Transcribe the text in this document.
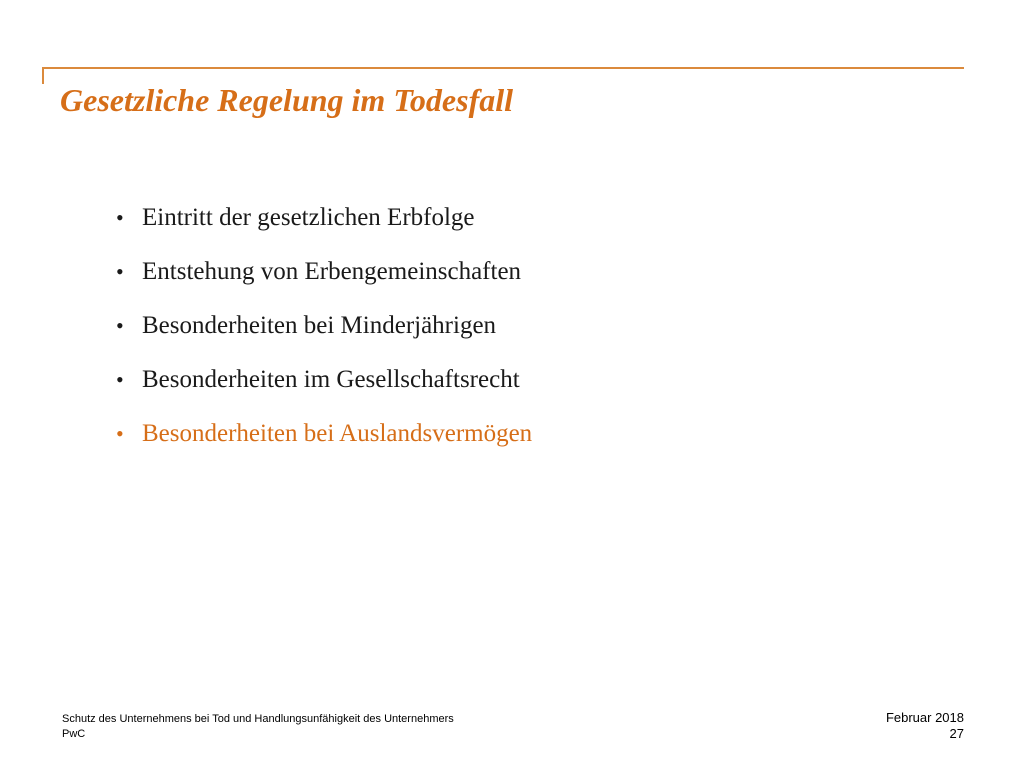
Gesetzliche Regelung im Todesfall
• Eintritt der gesetzlichen Erbfolge
• Entstehung von Erbengemeinschaften
• Besonderheiten bei Minderjährigen
• Besonderheiten im Gesellschaftsrecht
• Besonderheiten bei Auslandsvermögen
Schutz des Unternehmens bei Tod und Handlungsunfähigkeit des Unternehmers
PwC
Februar 2018
27
